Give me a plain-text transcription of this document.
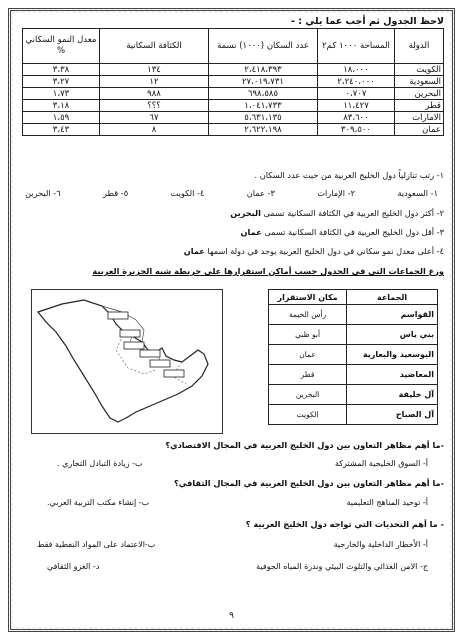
لاحظ الجدول ثم أجب عما يلي : -
الدولة	المساحة ١٠٠٠ كم٢	عدد السكان (١٠٠٠) نسمة	الكثافة السكانية	معدل النمو السكاني %
الكويت	١٨،٠٠٠	٢،٤١٨،٣٩٣	١٣٤	٣،٣٨
السعودية	٢،٢٤٠،٠٠٠	٢٧،٠١٩،٧٣١	١٢	٣،٢٧
البحرين	٠،٧٠٧	٦٩٨،٥٨٥	٩٨٨	١،٧٣
قطر	١١،٤٢٧	١،٠٤١،٧٣٣	؟؟؟	٣،١٨
الامارات	٨٣،٦٠٠	٥،٦٣١،١٣٥	٦٧	١،٥٩
عمان	٣٠٩،٥٠٠	٢،٦٢٢،١٩٨	٨	٣،٤٣
١- رتب تنازلياً دول الخليج العربية من حيث عدد السكان .
١- السعودية
٢- الإمارات
٣- عمان
٤- الكويت
٥- قطر
٦- البحرين
٢- أكثر دول الخليج العربية في الكثافة السكانية تسمى البحرين
٣- أقل دول الخليج العربية في الكثافة السكانية تسمى عمان
٤- أعلى معدل نمو سكاني في دول الخليج العربية يوجد في دولة اسمها عمان
وزع الجماعات التى فى الجدول حسب أماكن استقرارها على خريطة شبه الجزيرة العربية
الجماعة	مكان الاستقرار
القواسم	رأس الخيمة
بني ياس	أبو ظبي
البوسعيد والبعارية	عمان
المعاضيد	قطر
آل خليفة	البحرين
آل الصباح	الكويت
-ما أهم مظاهر التعاون بين دول الخليج العربية في المجال الاقتصادي؟
أ- السوق الخليجية المشتركة
ب- زيادة التبادل التجاري .
-ما أهم مظاهر التعاون بين دول الخليج العربية في المجال الثقافي؟
أ- توحيد المناهج التعليمية
ب- إنشاء مكتب التربية العربي.
- ما أهم التحديات التي تواجه دول الخليج العربية ؟
أ- الأخطار الداخلية والخارجية
ب-الاعتماد على المواد النفطية فقط
ج- الامن الغذائي والتلوث البيئي وندرة المياه الجوفية
د- الغزو الثقافي
٩
